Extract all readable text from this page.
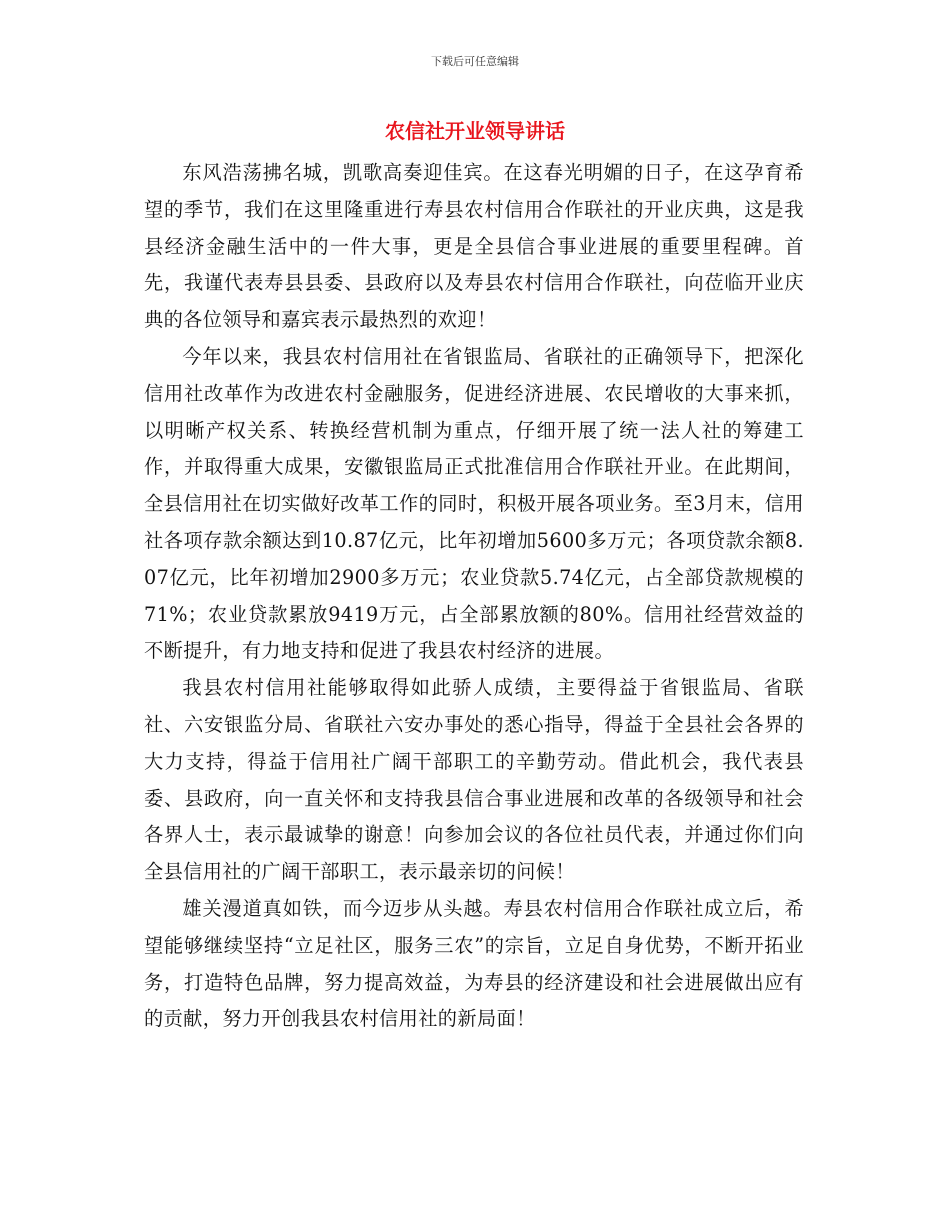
下载后可任意编辑

农信社开业领导讲话

东风浩荡拂名城，凯歌高奏迎佳宾。在这春光明媚的日子，在这孕育希望的季节，我们在这里隆重进行寿县农村信用合作联社的开业庆典，这是我县经济金融生活中的一件大事，更是全县信合事业进展的重要里程碑。首先，我谨代表寿县县委、县政府以及寿县农村信用合作联社，向莅临开业庆典的各位领导和嘉宾表示最热烈的欢迎！

今年以来，我县农村信用社在省银监局、省联社的正确领导下，把深化信用社改革作为改进农村金融服务，促进经济进展、农民增收的大事来抓，以明晰产权关系、转换经营机制为重点，仔细开展了统一法人社的筹建工作，并取得重大成果，安徽银监局正式批准信用合作联社开业。在此期间，全县信用社在切实做好改革工作的同时，积极开展各项业务。至3月末，信用社各项存款余额达到10.87亿元，比年初增加5600多万元；各项贷款余额8.07亿元，比年初增加2900多万元；农业贷款5.74亿元，占全部贷款规模的71%；农业贷款累放9419万元，占全部累放额的80%。信用社经营效益的不断提升，有力地支持和促进了我县农村经济的进展。

我县农村信用社能够取得如此骄人成绩，主要得益于省银监局、省联社、六安银监分局、省联社六安办事处的悉心指导，得益于全县社会各界的大力支持，得益于信用社广阔干部职工的辛勤劳动。借此机会，我代表县委、县政府，向一直关怀和支持我县信合事业进展和改革的各级领导和社会各界人士，表示最诚挚的谢意！向参加会议的各位社员代表，并通过你们向全县信用社的广阔干部职工，表示最亲切的问候！

雄关漫道真如铁，而今迈步从头越。寿县农村信用合作联社成立后，希望能够继续坚持“立足社区，服务三农”的宗旨，立足自身优势，不断开拓业务，打造特色品牌，努力提高效益，为寿县的经济建设和社会进展做出应有的贡献，努力开创我县农村信用社的新局面！
